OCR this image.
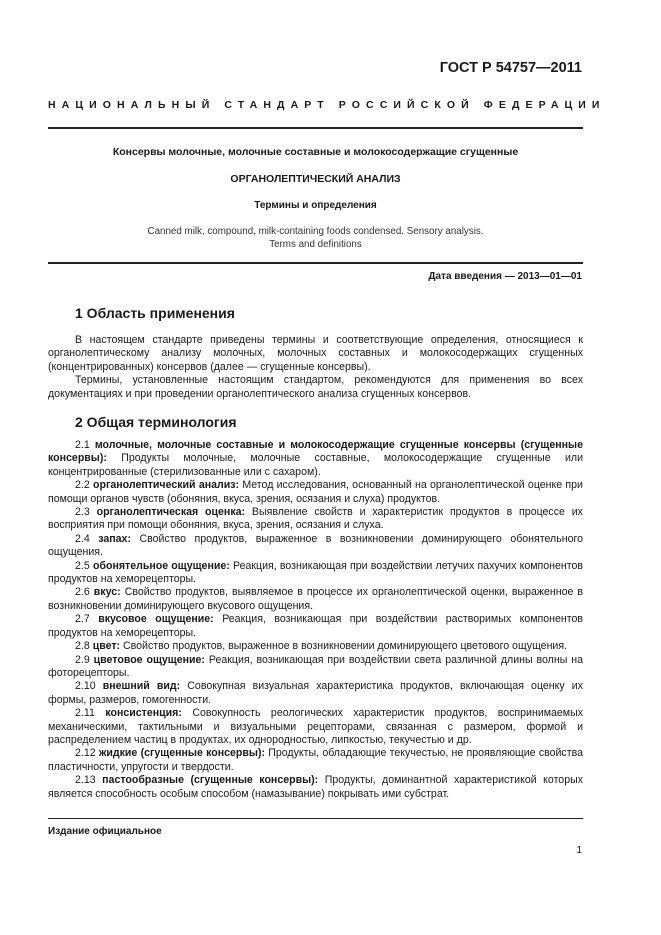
ГОСТ Р 54757—2011
НАЦИОНАЛЬНЫЙ СТАНДАРТ РОССИЙСКОЙ ФЕДЕРАЦИИ
Консервы молочные, молочные составные и молокосодержащие сгущенные
ОРГАНОЛЕПТИЧЕСКИЙ АНАЛИЗ
Термины и определения
Canned milk, compound, milk-containing foods condensed. Sensory analysis.
Terms and definitions
Дата введения — 2013—01—01
1 Область применения

В настоящем стандарте приведены термины и соответствующие определения, относящиеся к органолептическому анализу молочных, молочных составных и молокосодержащих сгущенных (концентрированных) консервов (далее — сгущенные консервы).

Термины, установленные настоящим стандартом, рекомендуются для применения во всех документациях и при проведении органолептического анализа сгущенных консервов.

2 Общая терминология

2.1 молочные, молочные составные и молокосодержащие сгущенные консервы (сгущенные консервы): Продукты молочные, молочные составные, молокосодержащие сгущенные или концентрированные (стерилизованные или с сахаром).

2.2 органолептический анализ: Метод исследования, основанный на органолептической оценке при помощи органов чувств (обоняния, вкуса, зрения, осязания и слуха) продуктов.

2.3 органолептическая оценка: Выявление свойств и характеристик продуктов в процессе их восприятия при помощи обоняния, вкуса, зрения, осязания и слуха.

2.4 запах: Свойство продуктов, выраженное в возникновении доминирующего обонятельного ощущения.

2.5 обонятельное ощущение: Реакция, возникающая при воздействии летучих пахучих компонентов продуктов на хеморецепторы.

2.6 вкус: Свойство продуктов, выявляемое в процессе их органолептической оценки, выраженное в возникновении доминирующего вкусового ощущения.

2.7 вкусовое ощущение: Реакция, возникающая при воздействии растворимых компонентов продуктов на хеморецепторы.

2.8 цвет: Свойство продуктов, выраженное в возникновении доминирующего цветового ощущения.

2.9 цветовое ощущение: Реакция, возникающая при воздействии света различной длины волны на фоторецепторы.

2.10 внешний вид: Совокупная визуальная характеристика продуктов, включающая оценку их формы, размеров, гомогенности.

2.11 консистенция: Совокупность реологических характеристик продуктов, воспринимаемых механическими, тактильными и визуальными рецепторами, связанная с размером, формой и распределением частиц в продуктах, их однородностью, липкостью, текучестью и др.

2.12 жидкие (сгущенные консервы): Продукты, обладающие текучестью, не проявляющие свойства пластичности, упругости и твердости.

2.13 пастообразные (сгущенные консервы): Продукты, доминантной характеристикой которых является способность особым способом (намазывание) покрывать ими субстрат.

Издание официальное
1
